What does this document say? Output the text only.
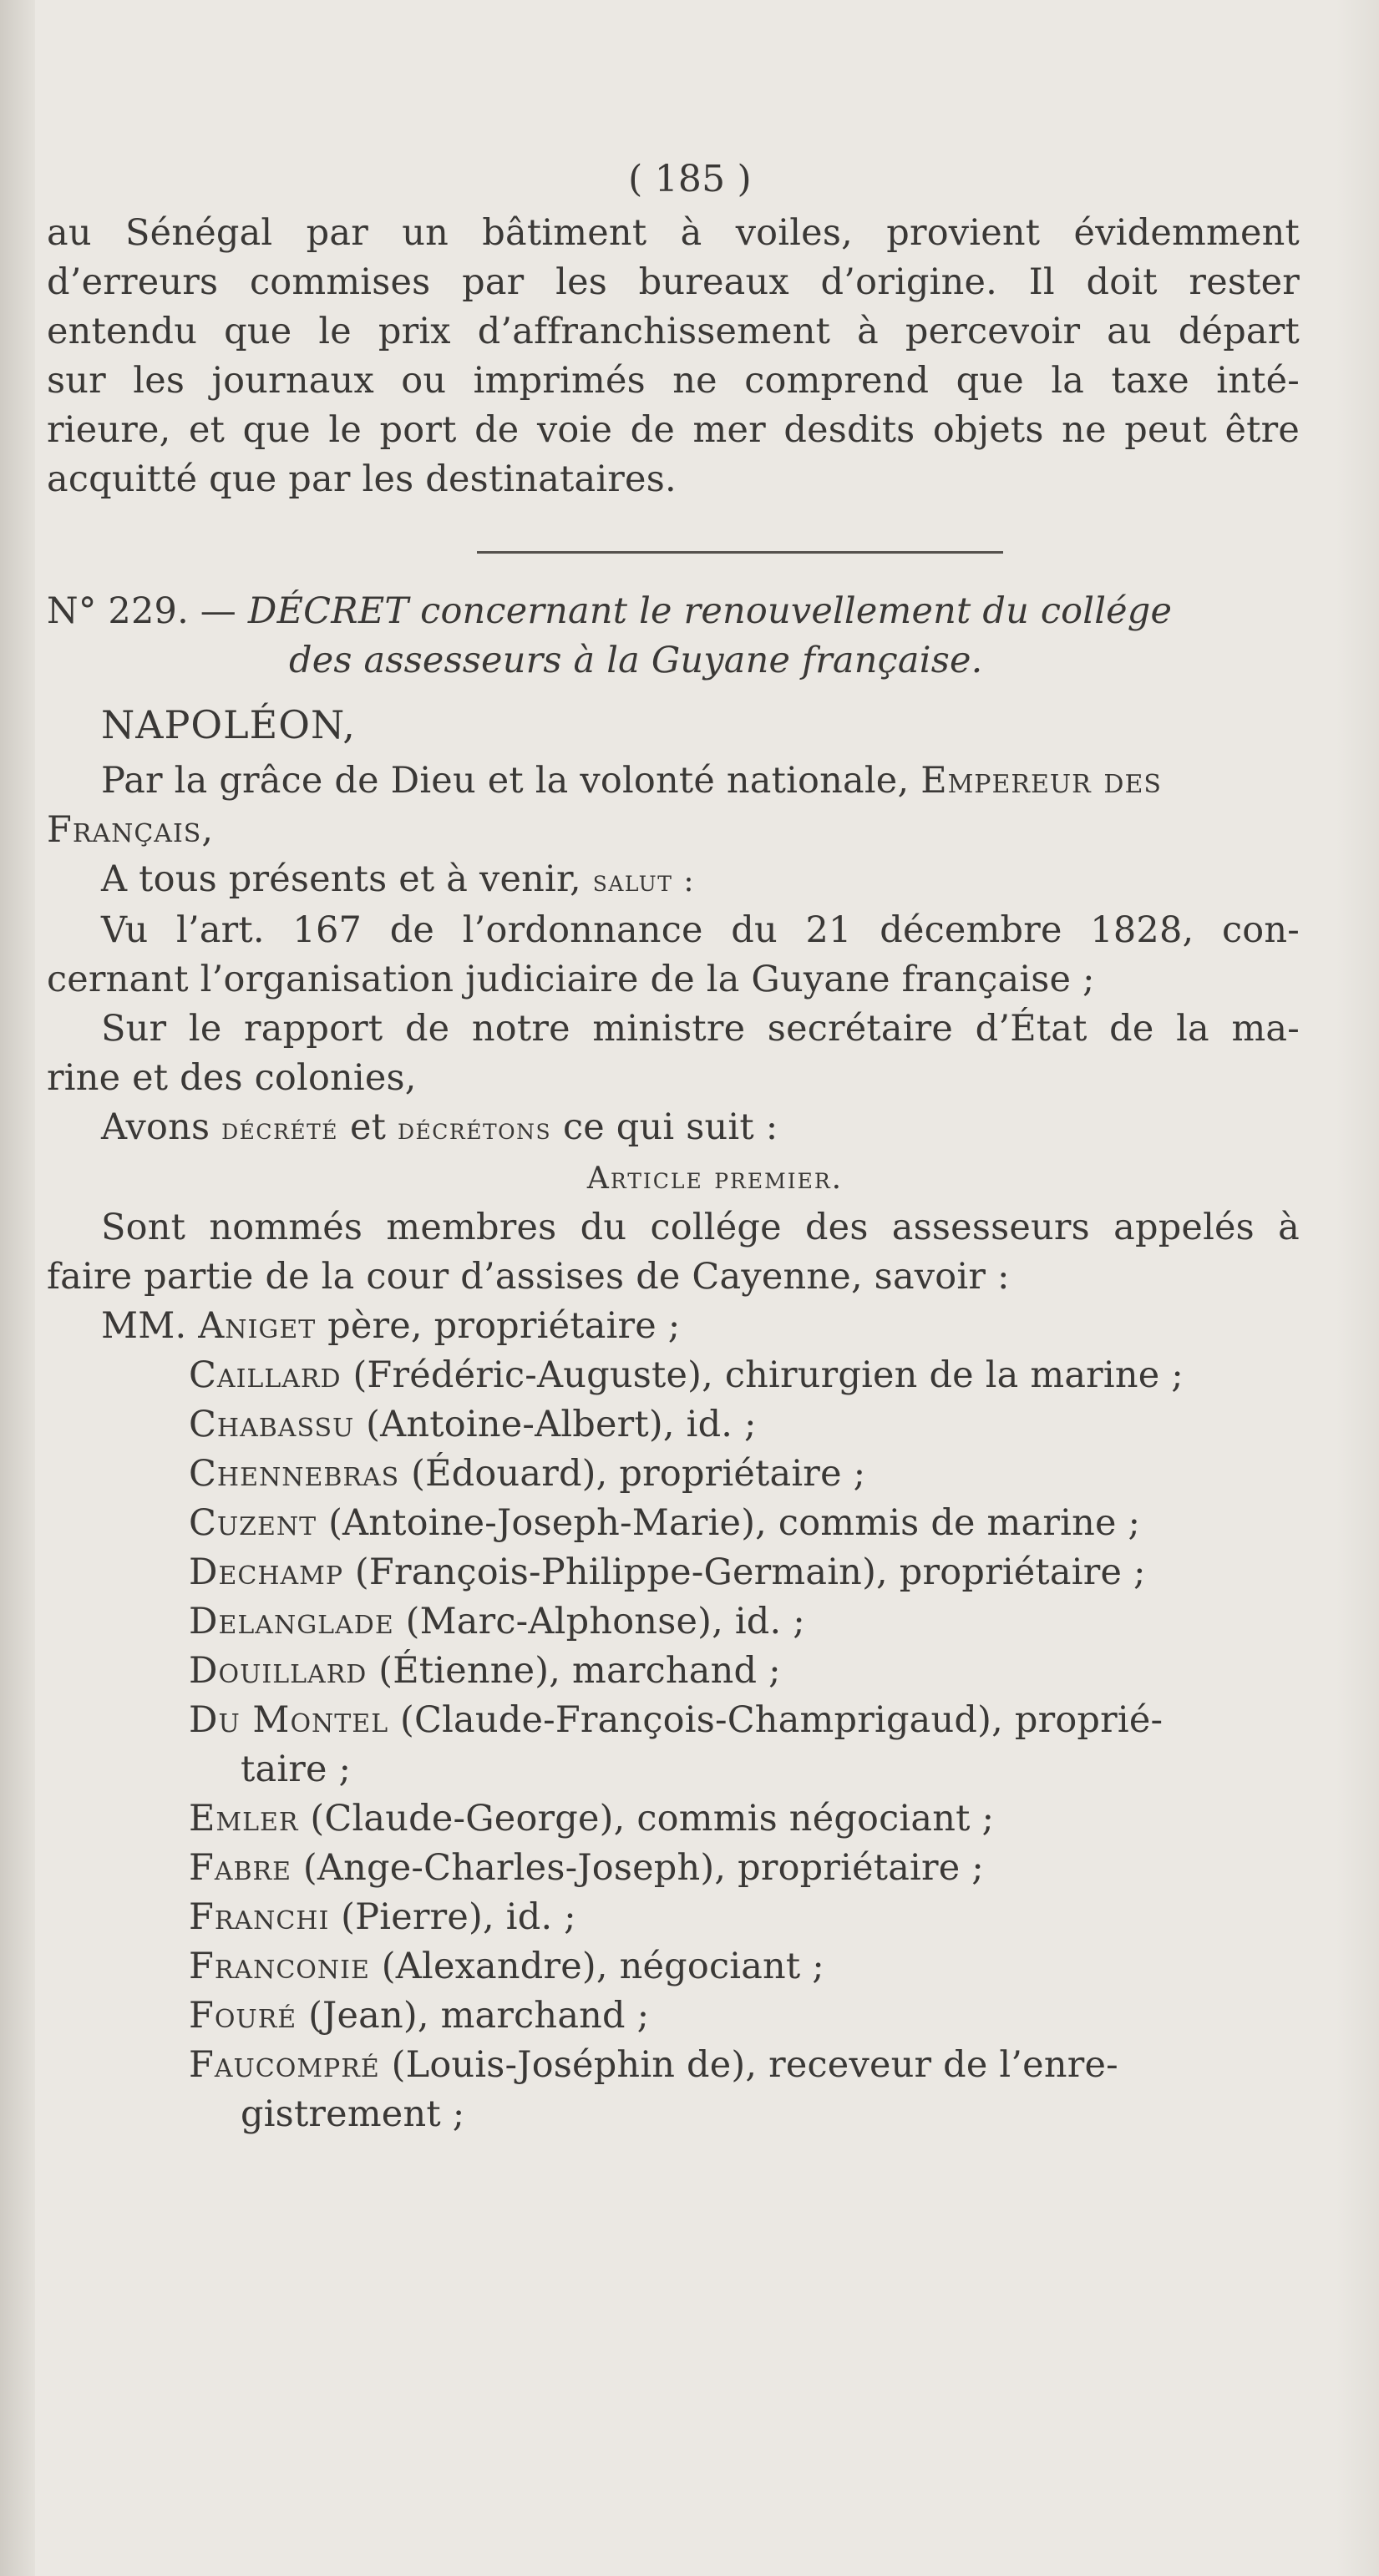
( 185 )
au Sénégal par un bâtiment à voiles, provient évidemment
d’erreurs commises par les bureaux d’origine. Il doit rester
entendu que le prix d’affranchissement à percevoir au départ
sur les journaux ou imprimés ne comprend que la taxe inté-
rieure, et que le port de voie de mer desdits objets ne peut être
acquitté que par les destinataires.
N° 229. — DÉCRET concernant le renouvellement du collége
des assesseurs à la Guyane française.
NAPOLÉON,
Par la grâce de Dieu et la volonté nationale, Empereur des
Français,
A tous présents et à venir, salut :
Vu l’art. 167 de l’ordonnance du 21 décembre 1828, con-
cernant l’organisation judiciaire de la Guyane française ;
Sur le rapport de notre ministre secrétaire d’État de la ma-
rine et des colonies,
Avons décrété et décrétons ce qui suit :
Article premier.
Sont nommés membres du collége des assesseurs appelés à
faire partie de la cour d’assises de Cayenne, savoir :
MM. Aniget père, propriétaire ;
Caillard (Frédéric-Auguste), chirurgien de la marine ;
Chabassu (Antoine-Albert), id. ;
Chennebras (Édouard), propriétaire ;
Cuzent (Antoine-Joseph-Marie), commis de marine ;
Dechamp (François-Philippe-Germain), propriétaire ;
Delanglade (Marc-Alphonse), id. ;
Douillard (Étienne), marchand ;
Du Montel (Claude-François-Champrigaud), proprié-
taire ;
Emler (Claude-George), commis négociant ;
Fabre (Ange-Charles-Joseph), propriétaire ;
Franchi (Pierre), id. ;
Franconie (Alexandre), négociant ;
Fouré (Jean), marchand ;
Faucompré (Louis-Joséphin de), receveur de l’enre-
gistrement ;
